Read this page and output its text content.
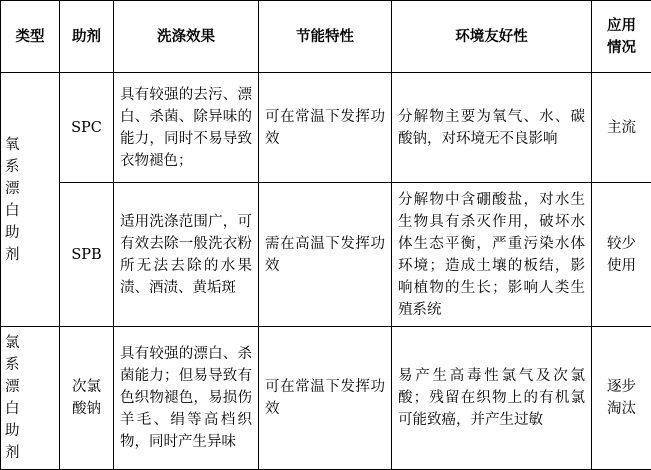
类型	助剂	洗涤效果	节能特性	环境友好性	应用情况
氧系漂白助剂	SPC	具有较强的去污、漂白、杀菌、除异味的能力，同时不易导致衣物褪色；	可在常温下发挥功效	分解物主要为氧气、水、碳酸钠，对环境无不良影响	主流
	SPB	适用洗涤范围广，可有效去除一般洗衣粉所无法去除的水果渍、酒渍、黄垢斑	需在高温下发挥功效	分解物中含硼酸盐，对水生生物具有杀灭作用，破坏水体生态平衡，严重污染水体环境；造成土壤的板结，影响植物的生长；影响人类生殖系统	较少使用
氯系漂白助剂	次氯酸钠	具有较强的漂白、杀菌能力；但易导致有色织物褪色，易损伤羊毛、绢等高档织物，同时产生异味	可在常温下发挥功效	易产生高毒性氯气及次氯酸；残留在织物上的有机氯可能致癌，并产生过敏	逐步淘汰
